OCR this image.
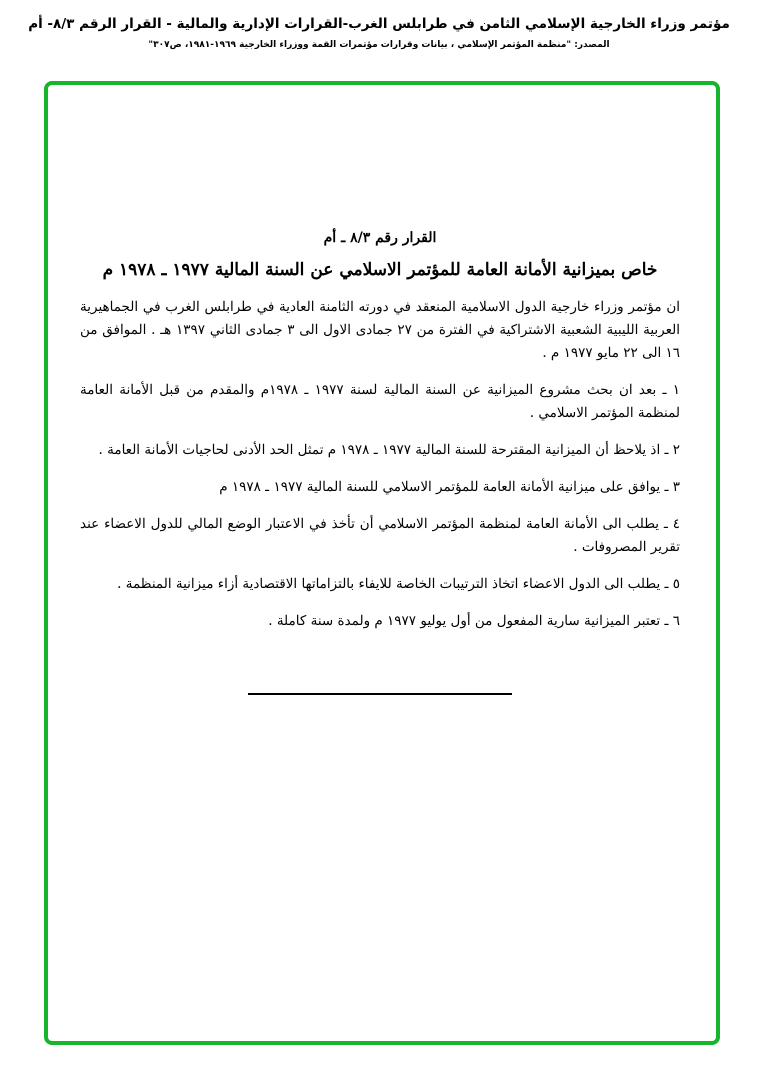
مؤتمر وزراء الخارجية الإسلامي الثامن في طرابلس الغرب-القرارات الإدارية والمالية - القرار الرقم ٨/٣- أم
المصدر: "منظمة المؤتمر الإسلامي ، بيانات وقرارات مؤتمرات القمة ووزراء الخارجية ١٩٦٩-١٩٨١، ص٣٠٧"
القرار رقم ٨/٣ ـ أم
خاص بميزانية الأمانة العامة للمؤتمر الاسلامي عن السنة المالية ١٩٧٧ ـ ١٩٧٨ م
ان مؤتمر وزراء خارجية الدول الاسلامية المنعقد في دورته الثامنة العادية في طرابلس الغرب في الجماهيرية العربية الليبية الشعبية الاشتراكية في الفترة من ٢٧ جمادى الاول الى ٣ جمادى الثاني ١٣٩٧ هـ . الموافق من ١٦ الى ٢٢ مايو ١٩٧٧ م .
١ ـ بعد ان بحث مشروع الميزانية عن السنة المالية لسنة ١٩٧٧ ـ ١٩٧٨م والمقدم من قبل الأمانة العامة لمنظمة المؤتمر الاسلامي .
٢ ـ اذ يلاحظ أن الميزانية المقترحة للسنة المالية ١٩٧٧ ـ ١٩٧٨ م تمثل الحد الأدنى لحاجيات الأمانة العامة .
٣ ـ يوافق على ميزانية الأمانة العامة للمؤتمر الاسلامي للسنة المالية ١٩٧٧ ـ ١٩٧٨ م
٤ ـ يطلب الى الأمانة العامة لمنظمة المؤتمر الاسلامي أن تأخذ في الاعتبار الوضع المالي للدول الاعضاء عند تقرير المصروفات .
٥ ـ يطلب الى الدول الاعضاء اتخاذ الترتيبات الخاصة للايفاء بالتزاماتها الاقتصادية أزاء ميزانية المنظمة .
٦ ـ تعتبر الميزانية سارية المفعول من أول يوليو ١٩٧٧ م ولمدة سنة كاملة .
